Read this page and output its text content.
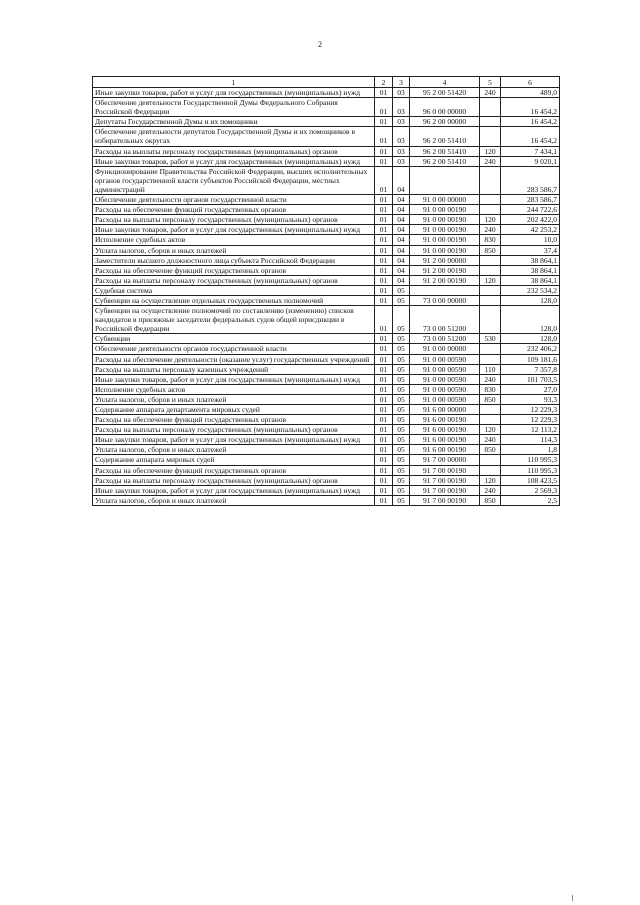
2
1	2	3	4	5	6
Иные закупки товаров, работ и услуг для государственных (муниципальных) нужд	01	03	95 2 00 51420	240	489,0
Обеспечение деятельности Государственной Думы Федерального Собрания Российской Федерации	01	03	96 0 00 00000		16 454,2
Депутаты Государственной Думы и их помощники	01	03	96 2 00 00000		16 454,2
Обеспечение деятельности депутатов Государственной Думы и их помощников в избирательных округах	01	03	96 2 00 51410		16 454,2
Расходы на выплаты персоналу государственных (муниципальных) органов	01	03	96 2 00 51410	120	7 434,1
Иные закупки товаров, работ и услуг для государственных (муниципальных) нужд	01	03	96 2 00 51410	240	9 020,1
Функционирование Правительства Российской Федерации, высших исполнительных органов государственной власти субъектов Российской Федерации, местных администраций	01	04			283 586,7
Обеспечение деятельности органов государственной власти	01	04	91 0 00 00000		283 586,7
Расходы на обеспечение функций государственных органов	01	04	91 0 00 00190		244 722,6
Расходы на выплаты персоналу государственных (муниципальных) органов	01	04	91 0 00 00190	120	202 422,0
Иные закупки товаров, работ и услуг для государственных (муниципальных) нужд	01	04	91 0 00 00190	240	42 253,2
Исполнение судебных актов	01	04	91 0 00 00190	830	10,0
Уплата налогов, сборов и иных платежей	01	04	91 0 00 00190	850	37,4
Заместители высшего должностного лица субъекта Российской Федерации	01	04	91 2 00 00000		38 864,1
Расходы на обеспечение функций государственных органов	01	04	91 2 00 00190		38 864,1
Расходы на выплаты персоналу государственных (муниципальных) органов	01	04	91 2 00 00190	120	38 864,1
Судебная система	01	05			232 534,2
Субвенции на осуществление отдельных государственных полномочий	01	05	73 0 00 00000		128,0
Субвенции на осуществление полномочий по составлению (изменению) списков кандидатов в присяжные заседатели федеральных судов общей юрисдикции в Российской Федерации	01	05	73 0 00 51200		128,0
Субвенции	01	05	73 0 00 51200	530	128,0
Обеспечение деятельности органов государственной власти	01	05	91 0 00 00000		232 406,2
Расходы на обеспечение деятельности (оказание услуг) государственных учреждений	01	05	91 0 00 00590		109 181,6
Расходы на выплаты персоналу казенных учреждений	01	05	91 0 00 00590	110	7 357,8
Иные закупки товаров, работ и услуг для государственных (муниципальных) нужд	01	05	91 0 00 00590	240	101 703,5
Исполнение судебных актов	01	05	91 0 00 00590	830	27,0
Уплата налогов, сборов и иных платежей	01	05	91 0 00 00590	850	93,3
Содержание аппарата департамента мировых судей	01	05	91 6 00 00000		12 229,3
Расходы на обеспечение функций государственных органов	01	05	91 6 00 00190		12 229,3
Расходы на выплаты персоналу государственных (муниципальных) органов	01	05	91 6 00 00190	120	12 113,2
Иные закупки товаров, работ и услуг для государственных (муниципальных) нужд	01	05	91 6 00 00190	240	114,3
Уплата налогов, сборов и иных платежей	01	05	91 6 00 00190	850	1,8
Содержание аппарата мировых судей	01	05	91 7 00 00000		110 995,3
Расходы на обеспечение функций государственных органов	01	05	91 7 00 00190		110 995,3
Расходы на выплаты персоналу государственных (муниципальных) органов	01	05	91 7 00 00190	120	108 423,5
Иные закупки товаров, работ и услуг для государственных (муниципальных) нужд	01	05	91 7 00 00190	240	2 569,3
Уплата налогов, сборов и иных платежей	01	05	91 7 00 00190	850	2,5
